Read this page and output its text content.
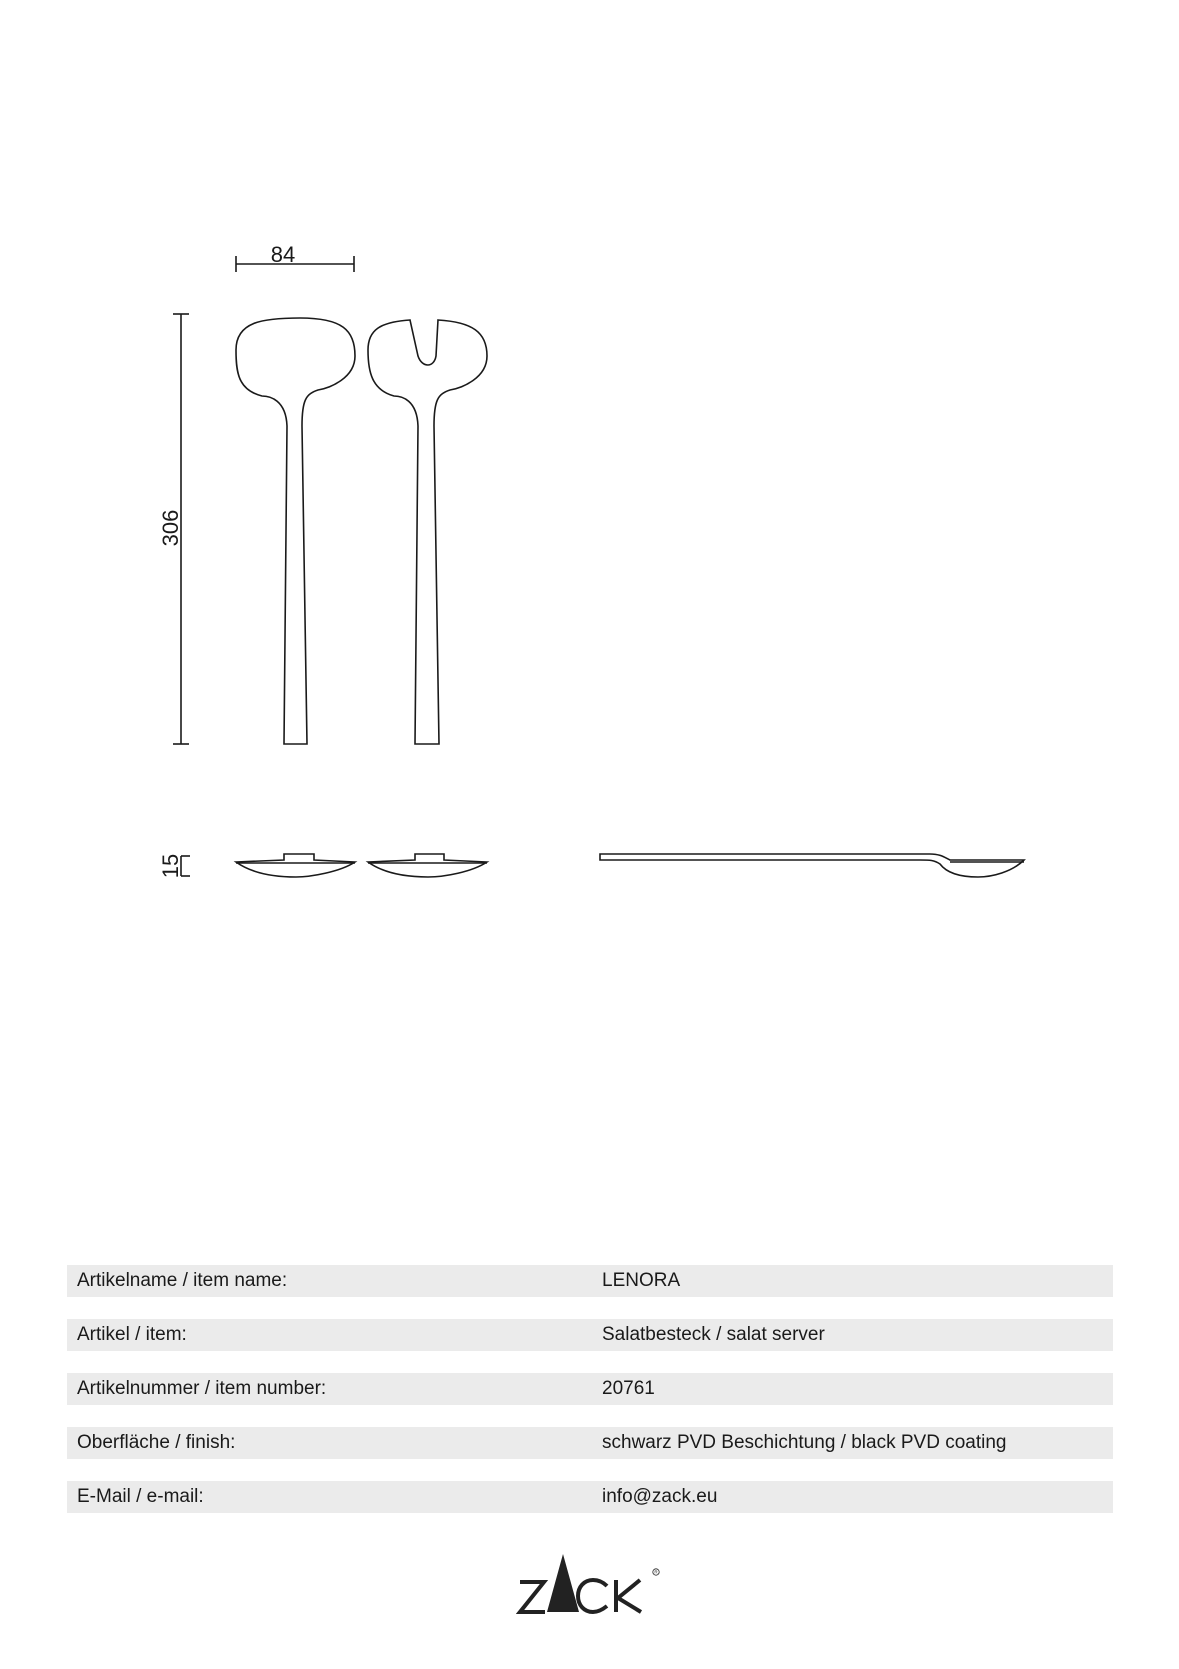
84
306
15
Artikelname / item name:	LENORA
Artikel / item:	Salatbesteck / salat server
Artikelnummer / item number:	20761
Oberfläche / finish:	schwarz PVD Beschichtung / black PVD coating
E-Mail / e-mail:	info@zack.eu
R
